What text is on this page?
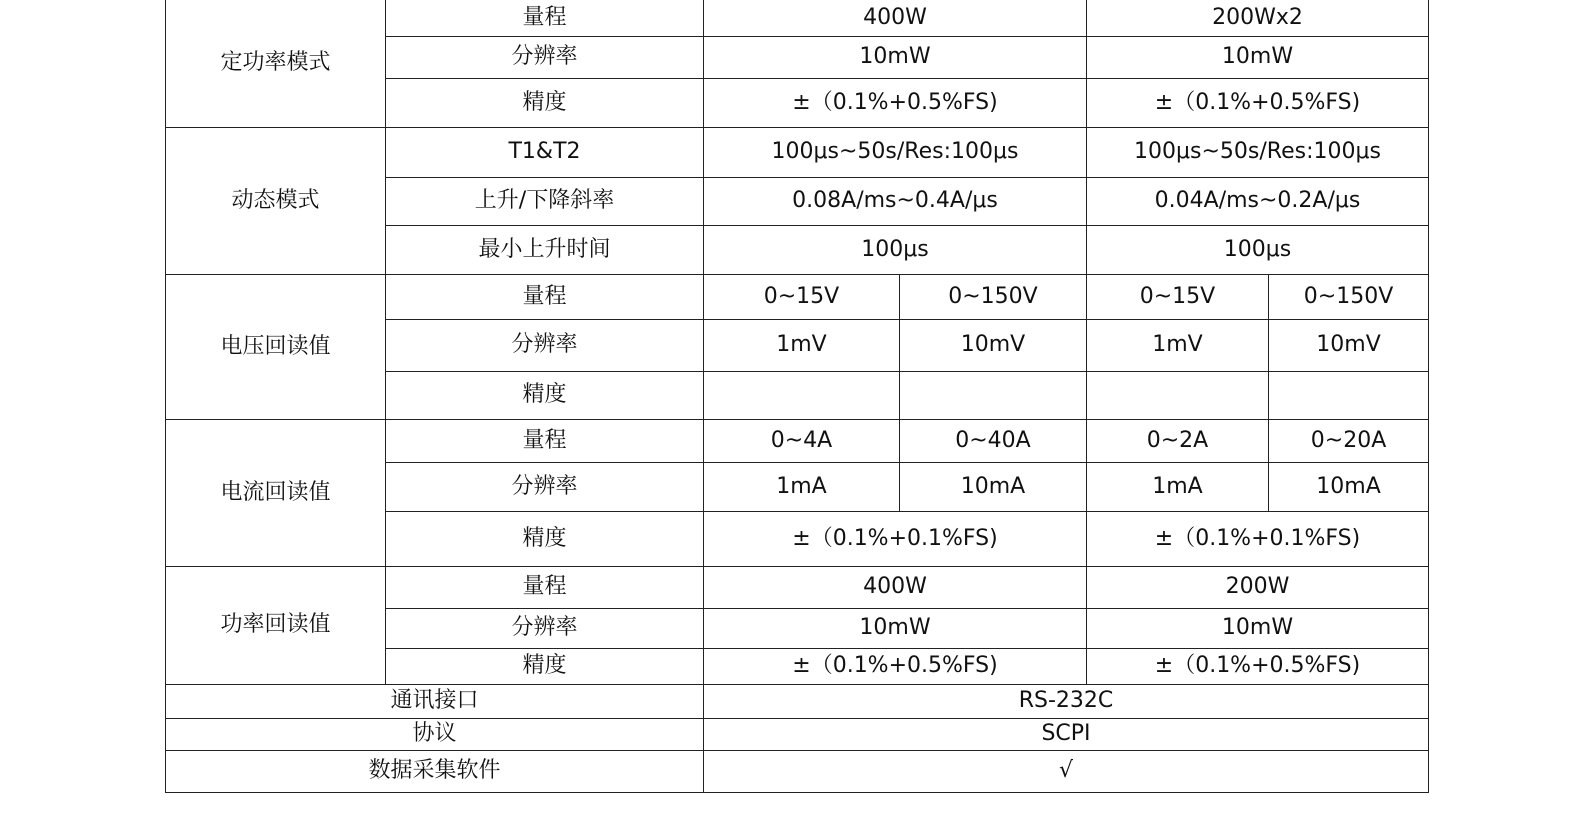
定功率模式	量程	400W		200Wx2	
	分辨率	10mW		10mW	
	精度	±（0.1%+0.5%FS)		±（0.1%+0.5%FS)	
动态模式	T1&T2	100μs~50s/Res:100μs		100μs~50s/Res:100μs	
	上升/下降斜率	0.08A/ms~0.4A/μs		0.04A/ms~0.2A/μs	
	最小上升时间	100μs		100μs	
电压回读值	量程	0~15V	0~150V	0~15V	0~150V
	分辨率	1mV	10mV	1mV	10mV
	精度				
电流回读值	量程	0~4A	0~40A	0~2A	0~20A
	分辨率	1mA	10mA	1mA	10mA
	精度	±（0.1%+0.1%FS)		±（0.1%+0.1%FS)	
功率回读值	量程	400W		200W	
	分辨率	10mW		10mW	
	精度	±（0.1%+0.5%FS)		±（0.1%+0.5%FS)	
通讯接口		RS-232C			
协议		SCPI			
数据采集软件		√			
